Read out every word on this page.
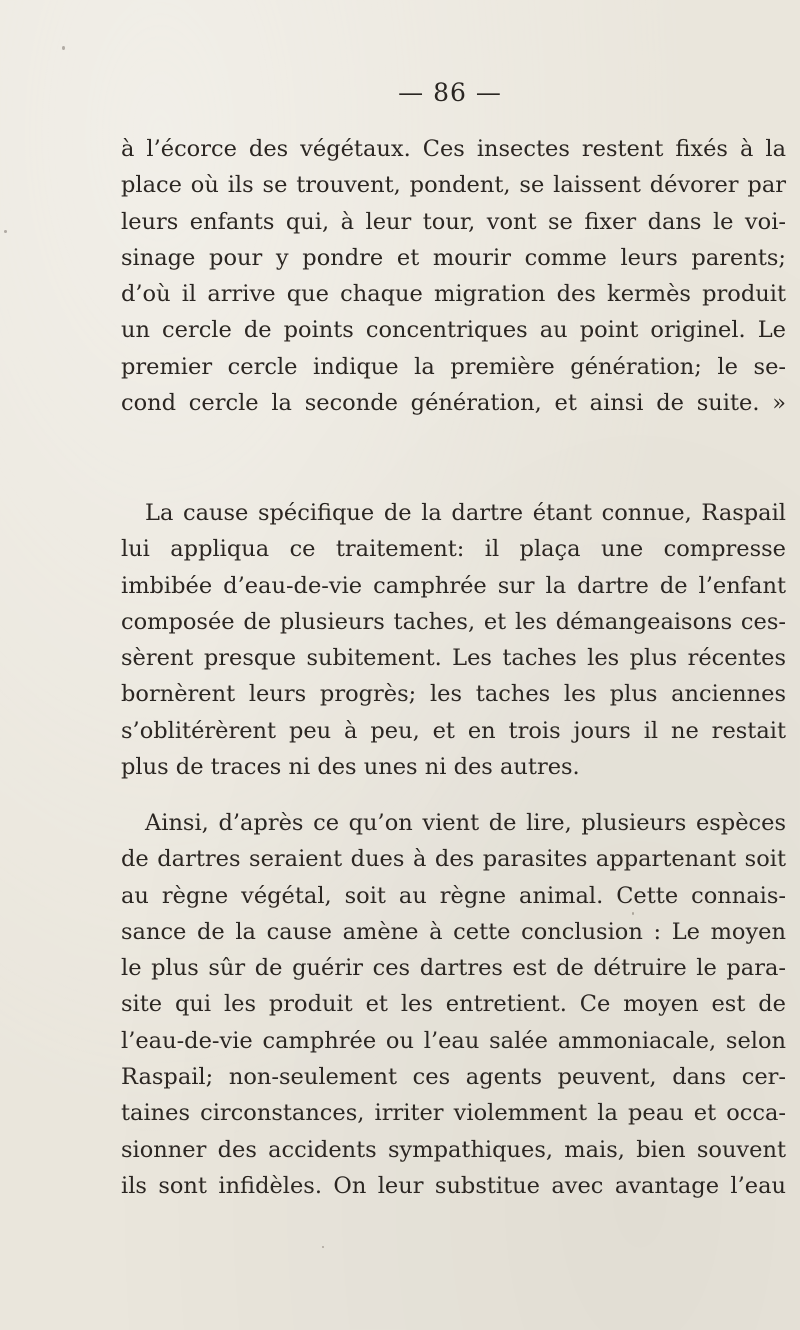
— 86 —
à l’écorce des végétaux. Ces insectes restent fixés à la
place où ils se trouvent, pondent, se laissent dévorer par
leurs enfants qui, à leur tour, vont se fixer dans le voi-
sinage pour y pondre et mourir comme leurs parents;
d’où il arrive que chaque migration des kermès produit
un cercle de points concentriques au point originel. Le
premier cercle indique la première génération; le se-
cond cercle la seconde génération, et ainsi de suite. »
La cause spécifique de la dartre étant connue, Raspail
lui appliqua ce traitement: il plaça une compresse
imbibée d’eau-de-vie camphrée sur la dartre de l’enfant
composée de plusieurs taches, et les démangeaisons ces-
sèrent presque subitement. Les taches les plus récentes
bornèrent leurs progrès; les taches les plus anciennes
s’oblitérèrent peu à peu, et en trois jours il ne restait
plus de traces ni des unes ni des autres.
Ainsi, d’après ce qu’on vient de lire, plusieurs espèces
de dartres seraient dues à des parasites appartenant soit
au règne végétal, soit au règne animal. Cette connais-
sance de la cause amène à cette conclusion : Le moyen
le plus sûr de guérir ces dartres est de détruire le para-
site qui les produit et les entretient. Ce moyen est de
l’eau-de-vie camphrée ou l’eau salée ammoniacale, selon
Raspail; non-seulement ces agents peuvent, dans cer-
taines circonstances, irriter violemment la peau et occa-
sionner des accidents sympathiques, mais, bien souvent
ils sont infidèles. On leur substitue avec avantage l’eau
